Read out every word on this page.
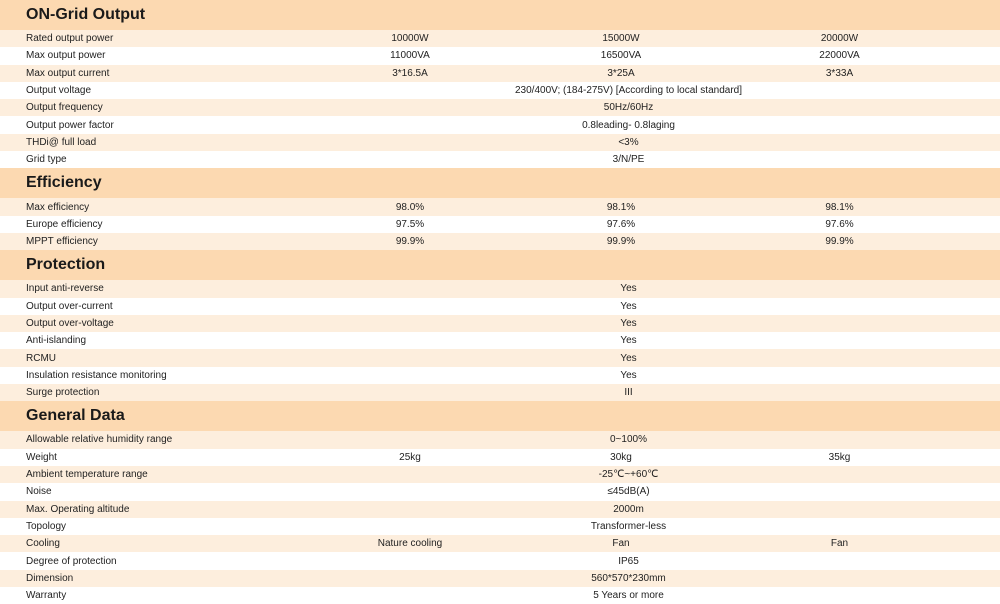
ON-Grid Output
Rated output power	10000W	15000W	20000W
Max output power	11000VA	16500VA	22000VA
Max output current	3*16.5A	3*25A	3*33A
Output voltage	230/400V; (184-275V) [According to local standard]
Output frequency	50Hz/60Hz
Output power factor	0.8leading- 0.8laging
THDi@ full load	<3%
Grid type	3/N/PE
Efficiency
Max efficiency	98.0%	98.1%	98.1%
Europe efficiency	97.5%	97.6%	97.6%
MPPT efficiency	99.9%	99.9%	99.9%
Protection
Input anti-reverse	Yes
Output over-current	Yes
Output over-voltage	Yes
Anti-islanding	Yes
RCMU	Yes
Insulation resistance monitoring	Yes
Surge protection	III
General Data
Allowable relative humidity range	0~100%
Weight	25kg	30kg	35kg
Ambient temperature range	-25℃~+60℃
Noise	≤45dB(A)
Max. Operating altitude	2000m
Topology	Transformer-less
Cooling	Nature cooling	Fan	Fan
Degree of protection	IP65
Dimension	560*570*230mm
Warranty	5 Years or more
